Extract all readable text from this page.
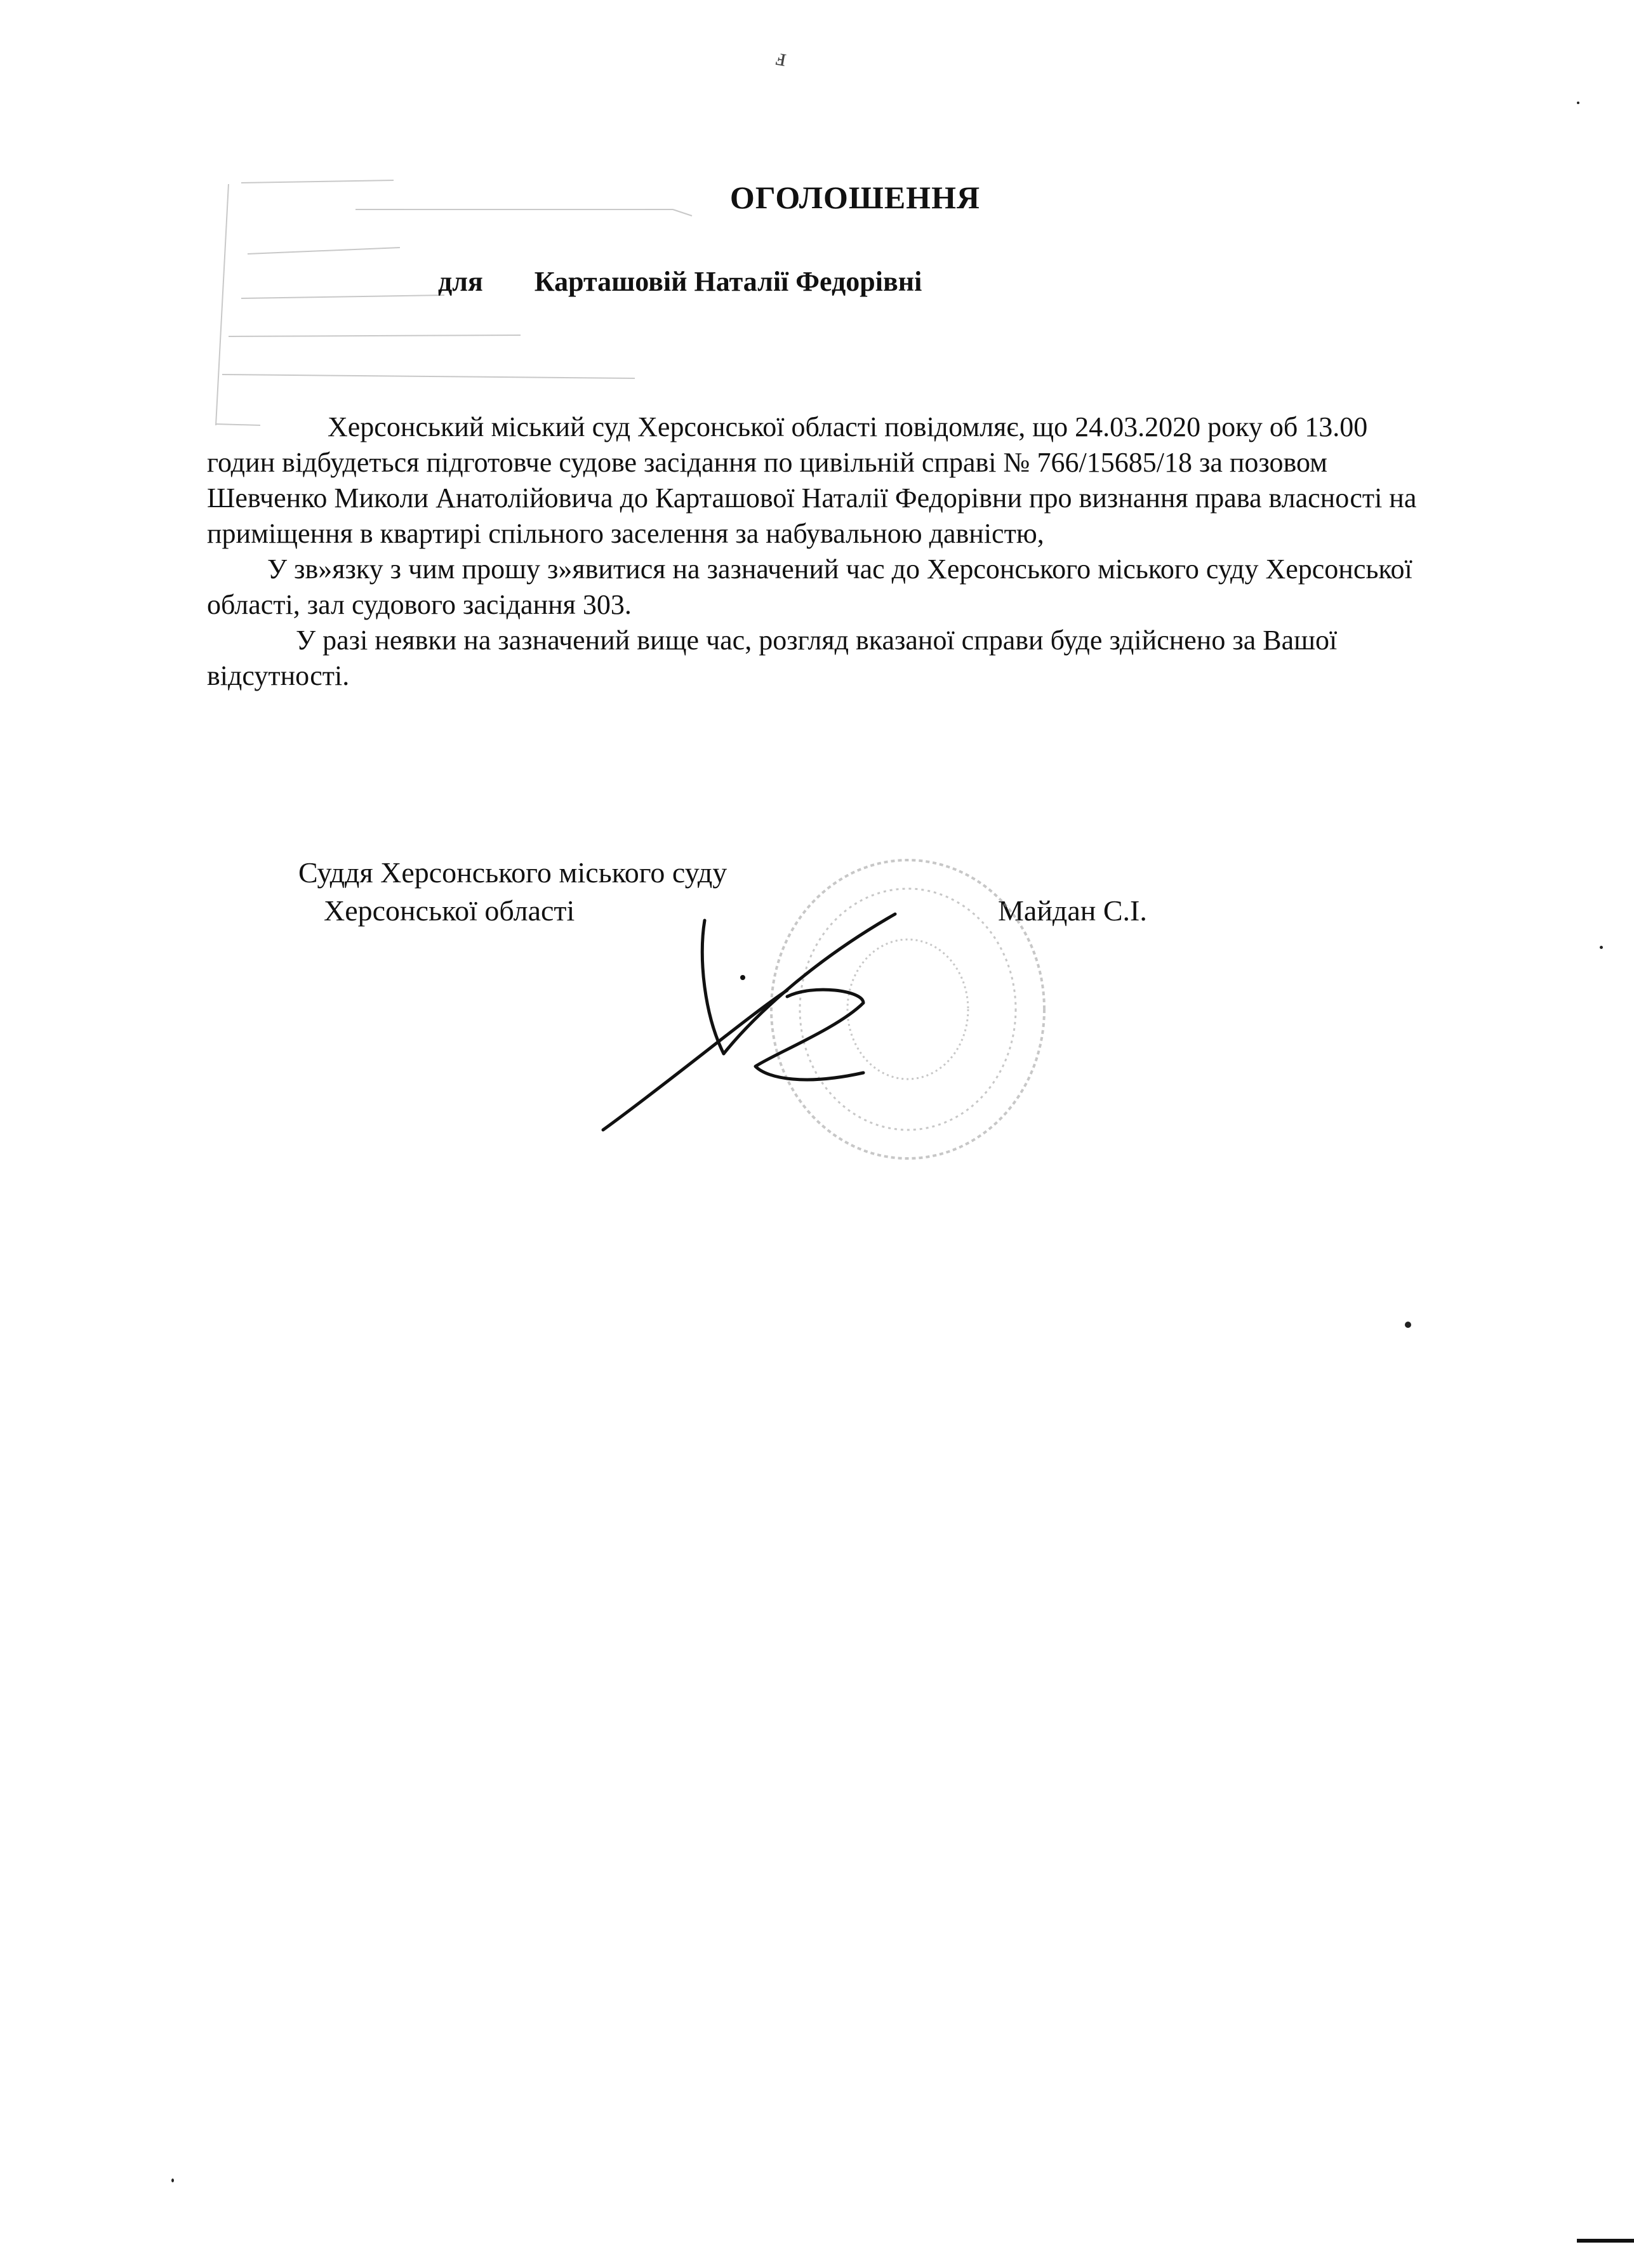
ⅎ
ОГОЛОШЕННЯ
для Карташовій Наталії Федорівні

Херсонський міський суд Херсонської області повідомляє, що 24.03.2020 року об 13.00 годин відбудеться підготовче судове засідання по цивільній справі № 766/15685/18 за позовом Шевченко Миколи Анатолійовича до Карташової Наталії Федорівни про визнання права власності на приміщення в квартирі спільного заселення за набувальною давністю,

У зв»язку з чим прошу з»явитися на зазначений час до Херсонського міського суду Херсонської області, зал судового засідання 303.

У разі неявки на зазначений вище час, розгляд вказаної справи буде здійснено за Вашої відсутності.

Суддя Херсонського міського суду
Херсонської області	Майдан С.І.
